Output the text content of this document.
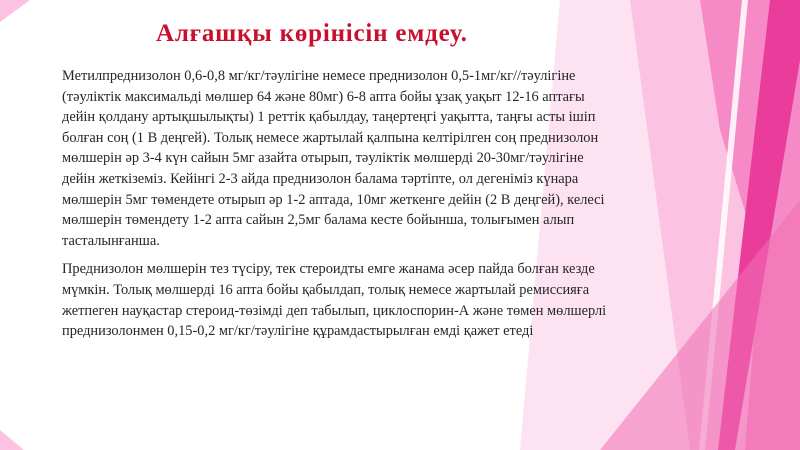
Алғашқы көрінісін емдеу.

Метилпреднизолон 0,6-0,8 мг/кг/тәулігіне немесе преднизолон 0,5-1мг/кг//тәулігіне (тәуліктік максимальді мөлшер 64 және 80мг) 6-8 апта бойы ұзақ уақыт 12-16 аптағы дейін қолдану артықшылықты) 1 реттік қабылдау, таңертеңгі уақытта, таңғы асты ішіп болған соң (1 В деңгей). Толық немесе жартылай қалпына келтірілген соң преднизолон мөлшерін әр 3-4 күн сайын 5мг азайта отырып, тәуліктік мөлшерді 20-30мг/тәулігіне дейін жеткіземіз. Кейінгі 2-3 айда преднизолон балама тәртіпте, ол дегеніміз күнара мөлшерін 5мг төмендете отырып әр 1-2 аптада, 10мг жеткенге дейін (2 В деңгей), келесі мөлшерін төмендету 1-2 апта сайын 2,5мг балама кесте бойынша, толығымен алып тасталынғанша.

Преднизолон мөлшерін тез түсіру, тек стероидты емге жанама әсер пайда болған кезде мүмкін. Толық мөлшерді 16 апта бойы қабылдап, толық немесе жартылай ремиссияға жетпеген науқастар стероид-төзімді деп табылып, циклоспорин-А және төмен мөлшерлі преднизолонмен 0,15-0,2 мг/кг/тәулігіне құрамдастырылған емді қажет етеді
